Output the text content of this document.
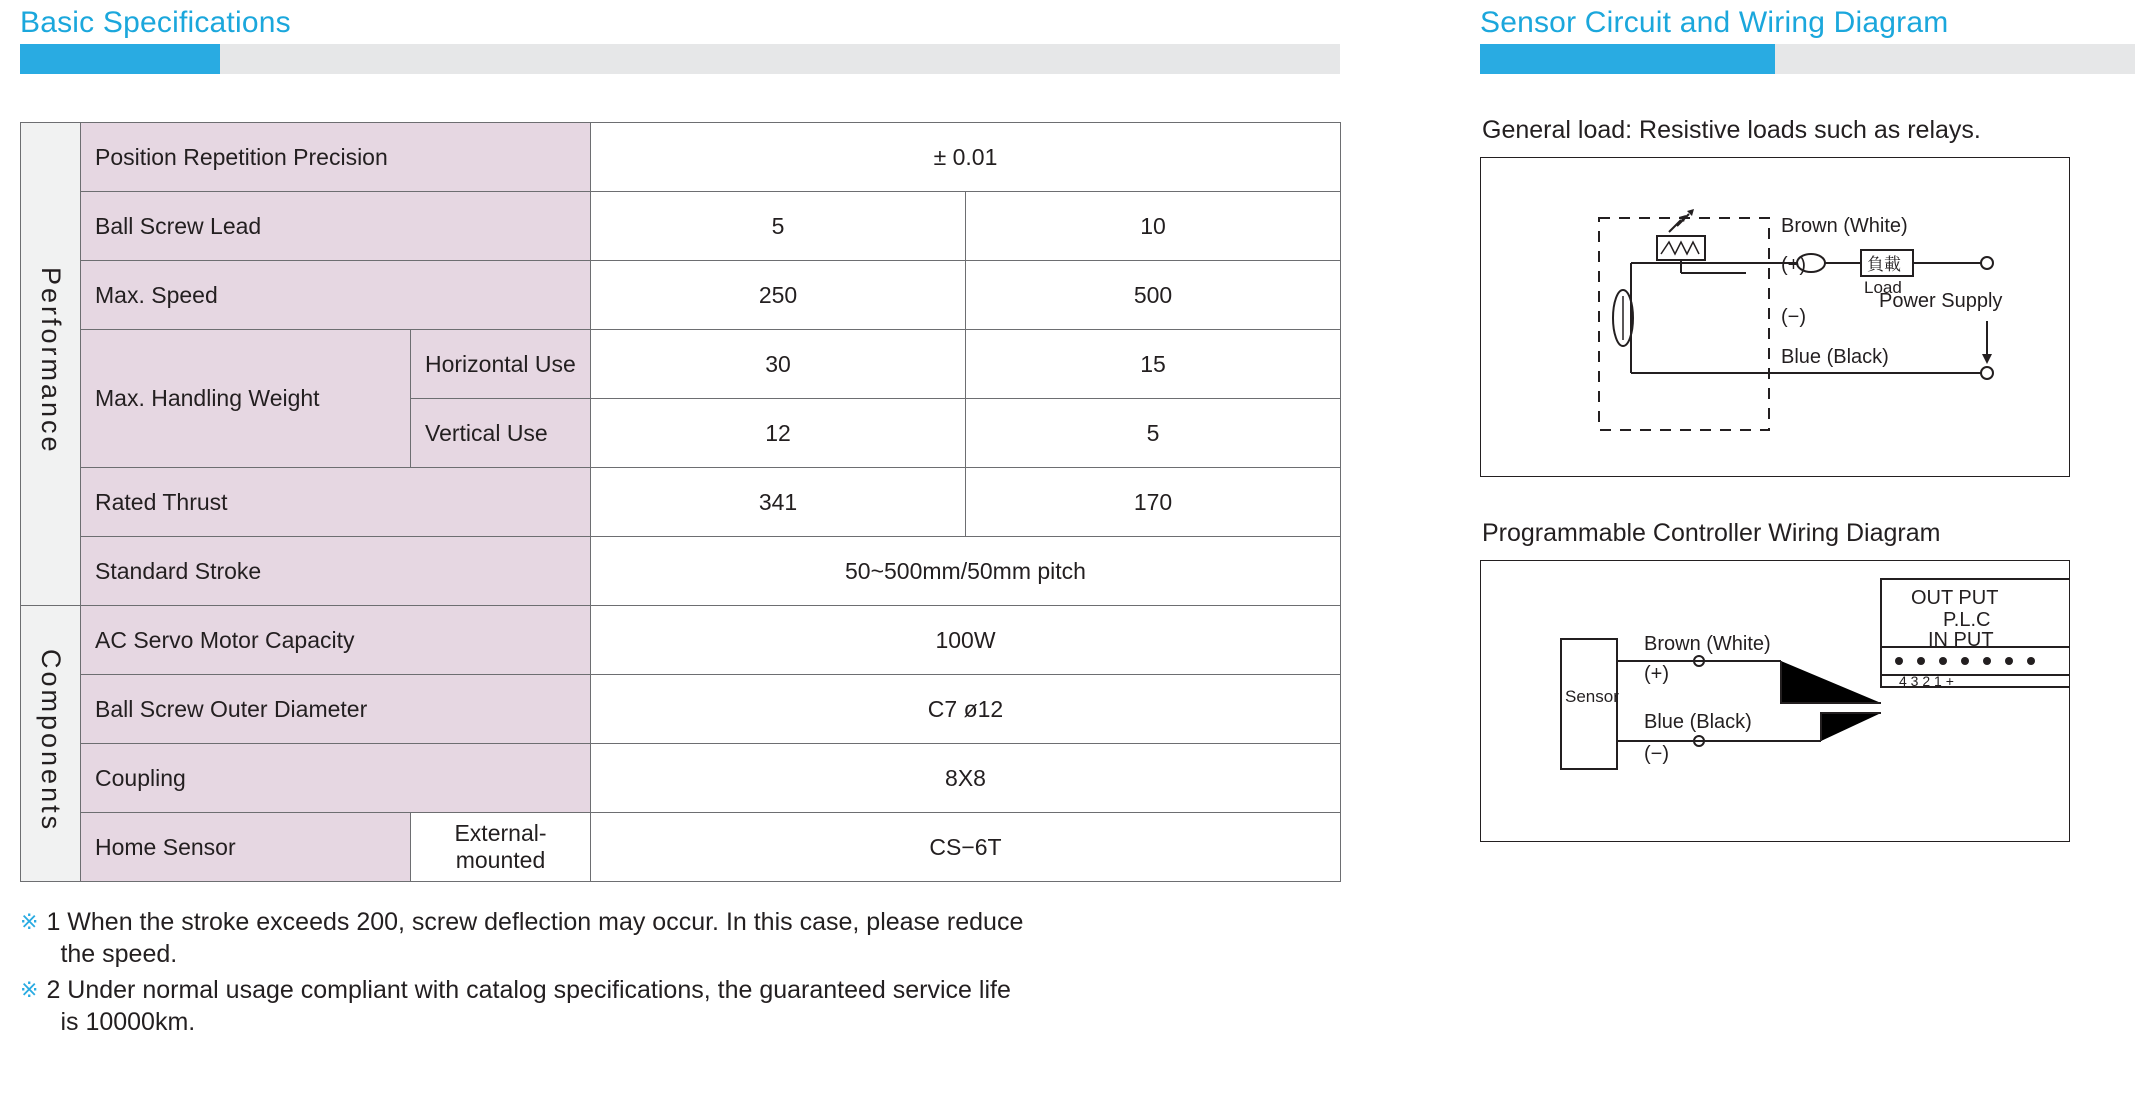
Basic Specifications
Performance	Position Repetition Precision		± 0.01	
	Ball Screw Lead		5	10
	Max. Speed		250	500
	Max. Handling Weight	Horizontal Use	30	15
		Vertical Use	12	5
	Rated Thrust		341	170
	Standard Stroke		50~500mm/50mm pitch	
Components	AC Servo Motor Capacity		100W	
	Ball Screw Outer Diameter		C7 ø12	
	Coupling		8X8	
	Home Sensor	External-mounted	CS−6T	
※ 1 When the stroke exceeds 200, screw deflection may occur. In this case, please reduce
the speed.
※ 2 Under normal usage compliant with catalog specifications, the guaranteed service life
is 10000km.
Sensor Circuit and Wiring Diagram
General load: Resistive loads such as relays.
Brown (White)
(+)
(−)
Blue (Black)
負載
Load
Power Supply
Programmable Controller Wiring Diagram
Sensor
Brown (White)
(+)
Blue (Black)
(−)
OUT PUT
P.L.C
IN PUT
4 3 2 1 +
